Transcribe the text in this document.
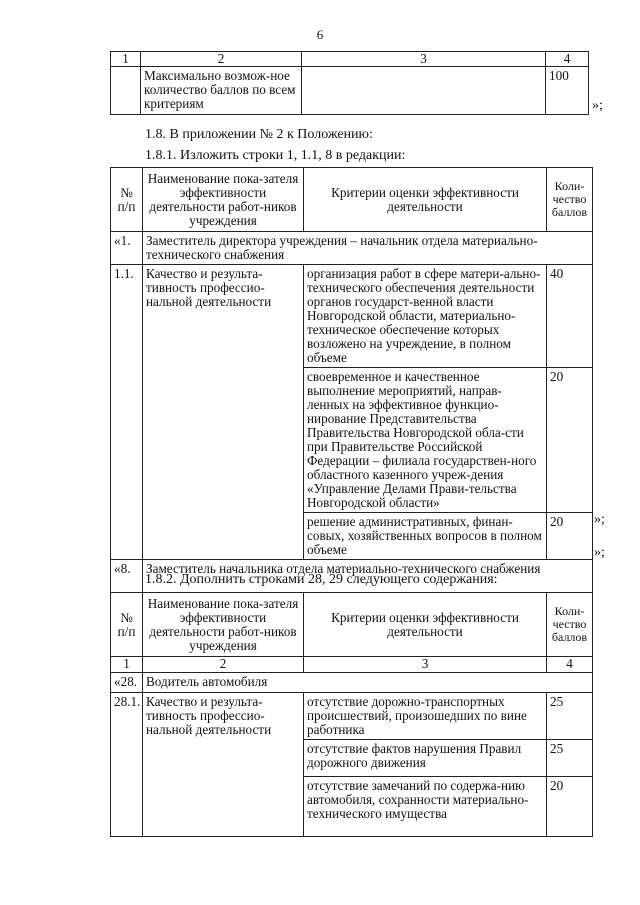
6
1	2	3	4
	Максимально возмож-ное количество баллов по всем критериям		100
»;
1.8. В приложении № 2 к Положению:
1.8.1. Изложить строки 1, 1.1, 8 в редакции:
№ п/п	Наименование пока-зателя эффективности деятельности работ-ников учреждения	Критерии оценки эффективности деятельности	Коли-чество баллов
«1.	Заместитель директора учреждения – начальник отдела материально-технического снабжения		
1.1.	Качество и результа-тивность профессио-нальной деятельности	организация работ в сфере матери-ально-технического обеспечения деятельности органов государст-венной власти Новгородской области, материально-техническое обеспечение которых возложено на учреждение, в полном объеме	40
		своевременное и качественное выполнение мероприятий, направ-ленных на эффективное функцио-нирование Представительства Правительства Новгородской обла-сти при Правительстве Российской Федерации – филиала государствен-ного областного казенного учреж-дения «Управление Делами Прави-тельства Новгородской области»	20
		решение административных, финан-совых, хозяйственных вопросов в полном объеме	20
«8.	Заместитель начальника отдела материально-технического снабжения		
»;
»;
1.8.2. Дополнить строками 28, 29 следующего содержания:
№ п/п	Наименование пока-зателя эффективности деятельности работ-ников учреждения	Критерии оценки эффективности деятельности	Коли-чество баллов
1	2	3	4
«28.	Водитель автомобиля		
28.1.	Качество и результа-тивность профессио-нальной деятельности	отсутствие дорожно-транспортных происшествий, произошедших по вине работника	25
		отсутствие фактов нарушения Правил дорожного движения	25
		отсутствие замечаний по содержа-нию автомобиля, сохранности материально-технического имущества	20
